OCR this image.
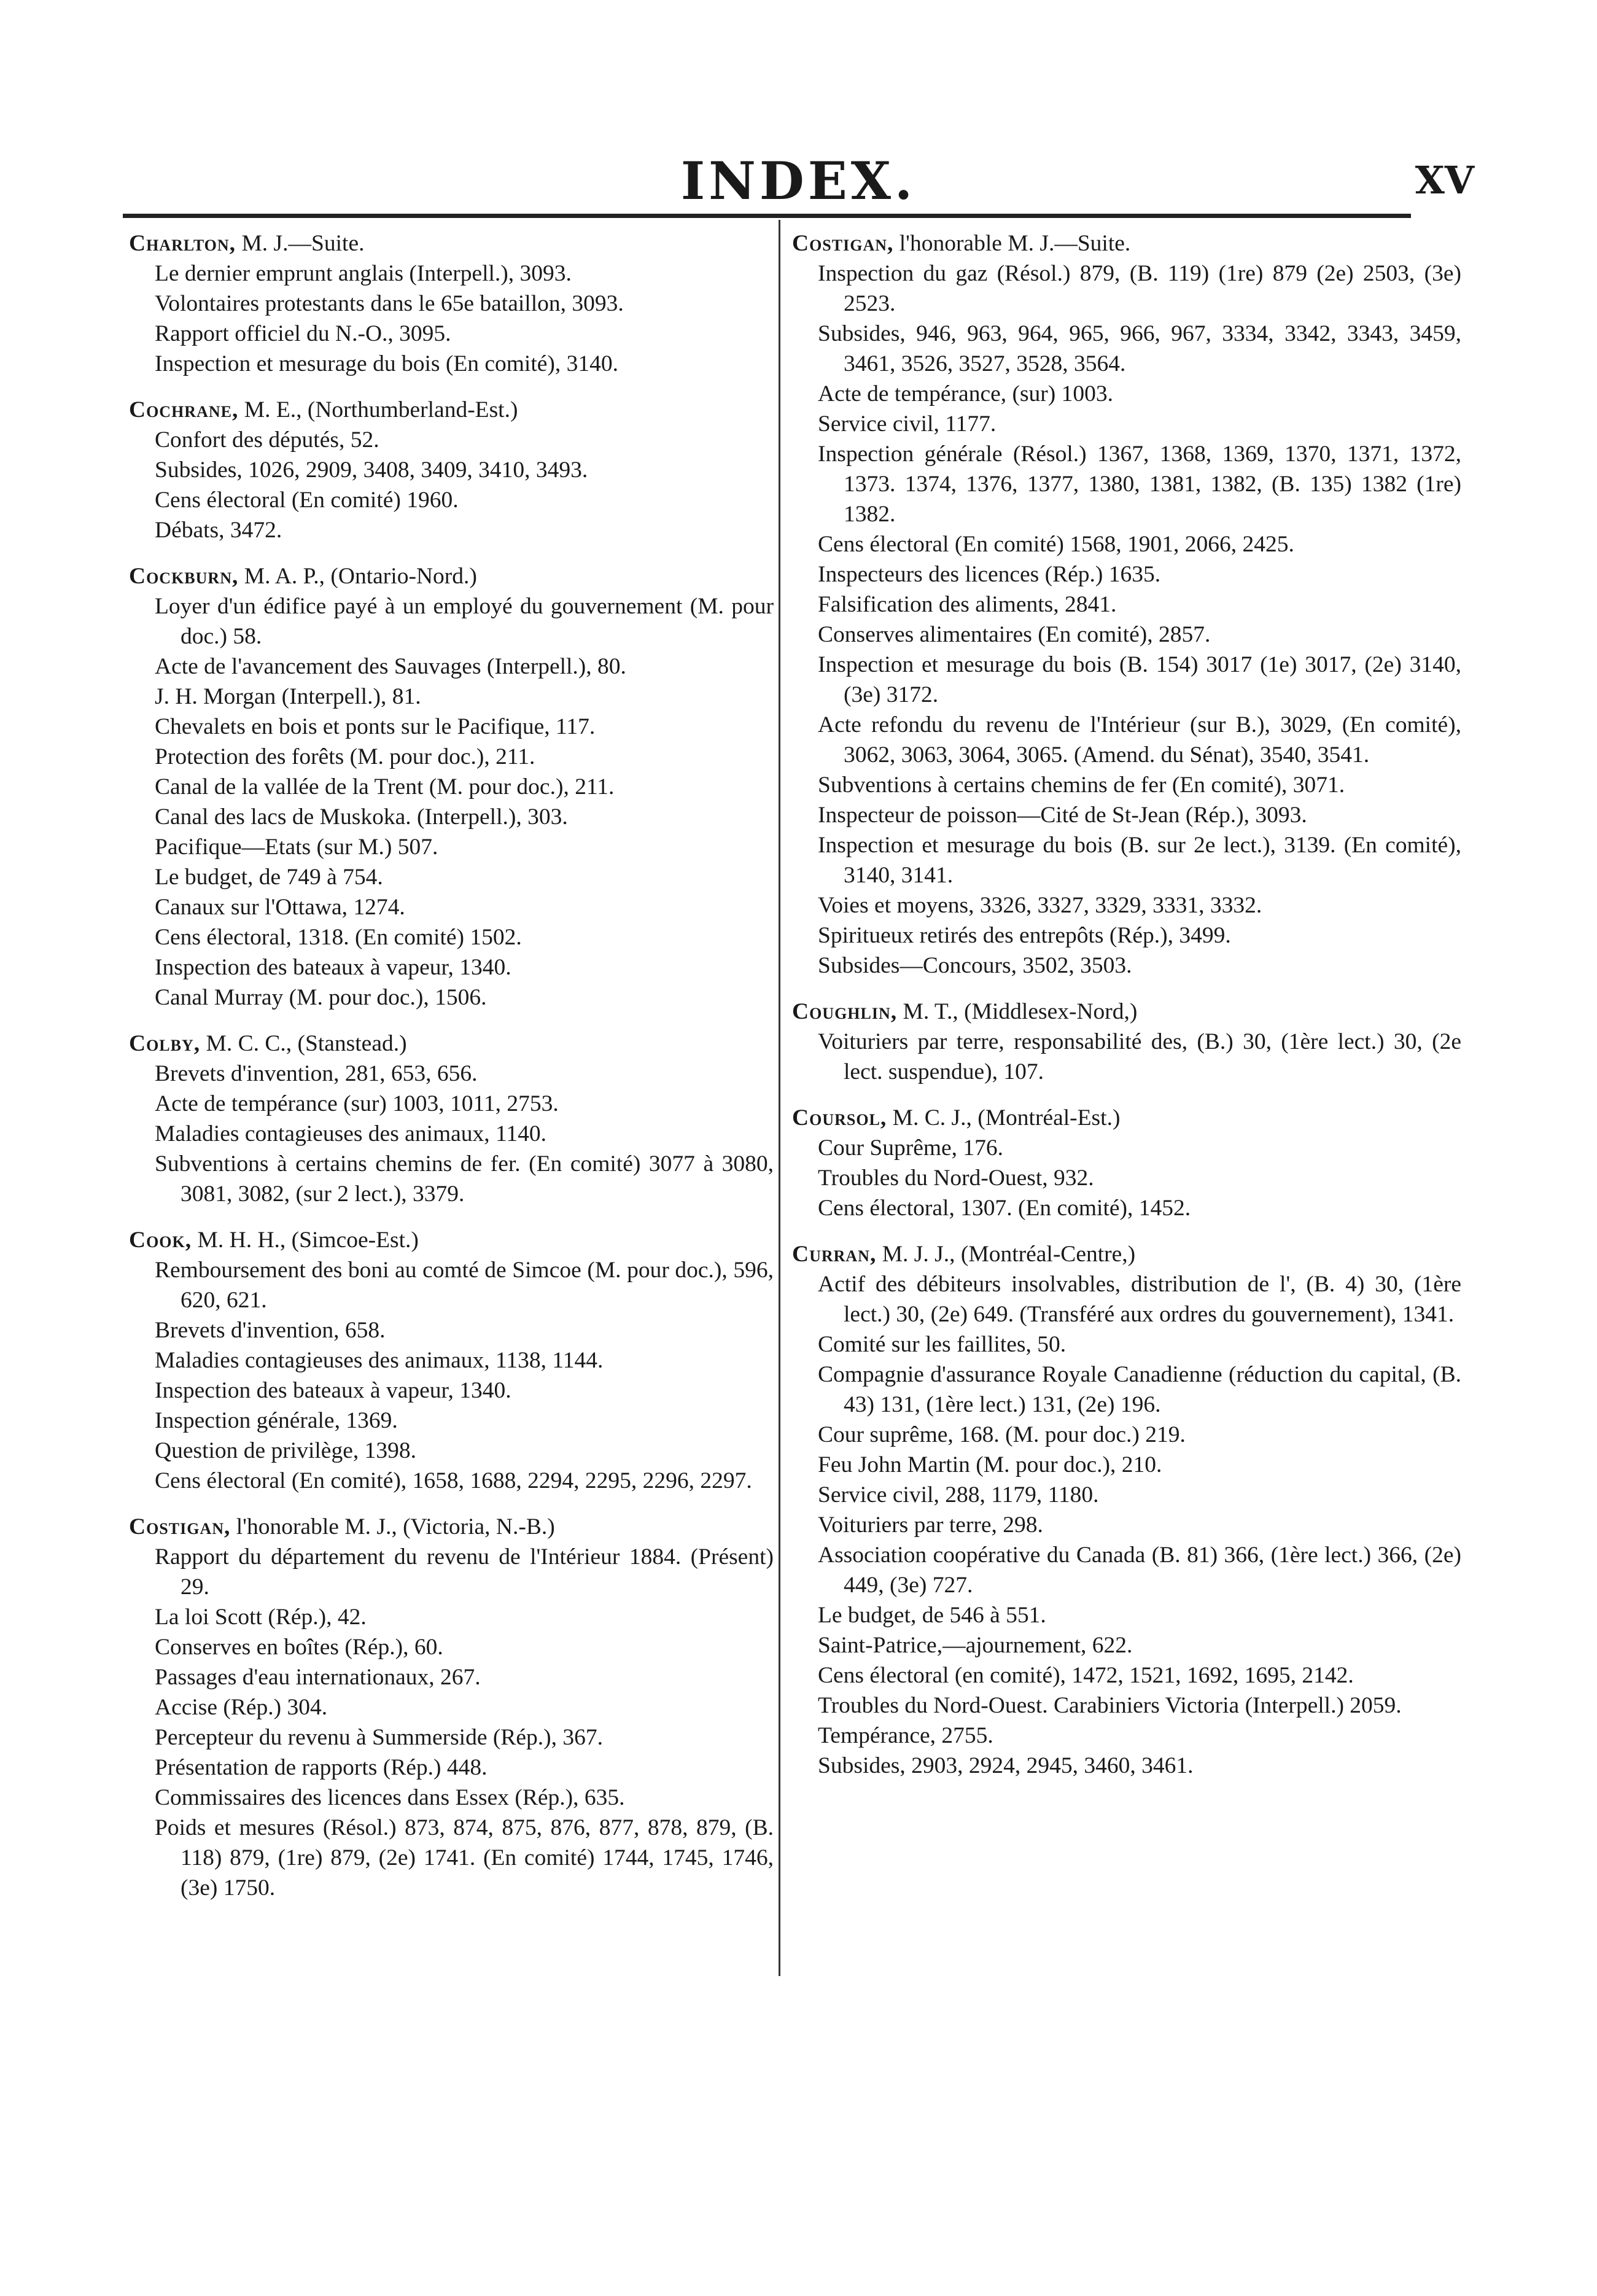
INDEX.	XV
Charlton, M. J.—Suite.

Le dernier emprunt anglais (Interpell.), 3093.

Volontaires protestants dans le 65e bataillon, 3093.

Rapport officiel du N.-O., 3095.

Inspection et mesurage du bois (En comité), 3140.

Cochrane, M. E., (Northumberland-Est.)

Confort des députés, 52.

Subsides, 1026, 2909, 3408, 3409, 3410, 3493.

Cens électoral (En comité) 1960.

Débats, 3472.

Cockburn, M. A. P., (Ontario-Nord.)

Loyer d'un édifice payé à un employé du gouvernement (M. pour doc.) 58.

Acte de l'avancement des Sauvages (Interpell.), 80.

J. H. Morgan (Interpell.), 81.

Chevalets en bois et ponts sur le Pacifique, 117.

Protection des forêts (M. pour doc.), 211.

Canal de la vallée de la Trent (M. pour doc.), 211.

Canal des lacs de Muskoka. (Interpell.), 303.

Pacifique—Etats (sur M.) 507.

Le budget, de 749 à 754.

Canaux sur l'Ottawa, 1274.

Cens électoral, 1318. (En comité) 1502.

Inspection des bateaux à vapeur, 1340.

Canal Murray (M. pour doc.), 1506.

Colby, M. C. C., (Stanstead.)

Brevets d'invention, 281, 653, 656.

Acte de tempérance (sur) 1003, 1011, 2753.

Maladies contagieuses des animaux, 1140.

Subventions à certains chemins de fer. (En comité) 3077 à 3080, 3081, 3082, (sur 2 lect.), 3379.

Cook, M. H. H., (Simcoe-Est.)

Remboursement des boni au comté de Simcoe (M. pour doc.), 596, 620, 621.

Brevets d'invention, 658.

Maladies contagieuses des animaux, 1138, 1144.

Inspection des bateaux à vapeur, 1340.

Inspection générale, 1369.

Question de privilège, 1398.

Cens électoral (En comité), 1658, 1688, 2294, 2295, 2296, 2297.

Costigan, l'honorable M. J., (Victoria, N.-B.)

Rapport du département du revenu de l'Intérieur 1884. (Présent) 29.

La loi Scott (Rép.), 42.

Conserves en boîtes (Rép.), 60.

Passages d'eau internationaux, 267.

Accise (Rép.) 304.

Percepteur du revenu à Summerside (Rép.), 367.

Présentation de rapports (Rép.) 448.

Commissaires des licences dans Essex (Rép.), 635.

Poids et mesures (Résol.) 873, 874, 875, 876, 877, 878, 879, (B. 118) 879, (1re) 879, (2e) 1741. (En comité) 1744, 1745, 1746, (3e) 1750.

Costigan, l'honorable M. J.—Suite.

Inspection du gaz (Résol.) 879, (B. 119) (1re) 879 (2e) 2503, (3e) 2523.

Subsides, 946, 963, 964, 965, 966, 967, 3334, 3342, 3343, 3459, 3461, 3526, 3527, 3528, 3564.

Acte de tempérance, (sur) 1003.

Service civil, 1177.

Inspection générale (Résol.) 1367, 1368, 1369, 1370, 1371, 1372, 1373. 1374, 1376, 1377, 1380, 1381, 1382, (B. 135) 1382 (1re) 1382.

Cens électoral (En comité) 1568, 1901, 2066, 2425.

Inspecteurs des licences (Rép.) 1635.

Falsification des aliments, 2841.

Conserves alimentaires (En comité), 2857.

Inspection et mesurage du bois (B. 154) 3017 (1e) 3017, (2e) 3140, (3e) 3172.

Acte refondu du revenu de l'Intérieur (sur B.), 3029, (En comité), 3062, 3063, 3064, 3065. (Amend. du Sénat), 3540, 3541.

Subventions à certains chemins de fer (En comité), 3071.

Inspecteur de poisson—Cité de St-Jean (Rép.), 3093.

Inspection et mesurage du bois (B. sur 2e lect.), 3139. (En comité), 3140, 3141.

Voies et moyens, 3326, 3327, 3329, 3331, 3332.

Spiritueux retirés des entrepôts (Rép.), 3499.

Subsides—Concours, 3502, 3503.

Coughlin, M. T., (Middlesex-Nord,)

Voituriers par terre, responsabilité des, (B.) 30, (1ère lect.) 30, (2e lect. suspendue), 107.

Coursol, M. C. J., (Montréal-Est.)

Cour Suprême, 176.

Troubles du Nord-Ouest, 932.

Cens électoral, 1307. (En comité), 1452.

Curran, M. J. J., (Montréal-Centre,)

Actif des débiteurs insolvables, distribution de l', (B. 4) 30, (1ère lect.) 30, (2e) 649. (Transféré aux ordres du gouvernement), 1341.

Comité sur les faillites, 50.

Compagnie d'assurance Royale Canadienne (réduction du capital, (B. 43) 131, (1ère lect.) 131, (2e) 196.

Cour suprême, 168. (M. pour doc.) 219.

Feu John Martin (M. pour doc.), 210.

Service civil, 288, 1179, 1180.

Voituriers par terre, 298.

Association coopérative du Canada (B. 81) 366, (1ère lect.) 366, (2e) 449, (3e) 727.

Le budget, de 546 à 551.

Saint-Patrice,—ajournement, 622.

Cens électoral (en comité), 1472, 1521, 1692, 1695, 2142.

Troubles du Nord-Ouest. Carabiniers Victoria (Interpell.) 2059.

Tempérance, 2755.

Subsides, 2903, 2924, 2945, 3460, 3461.
